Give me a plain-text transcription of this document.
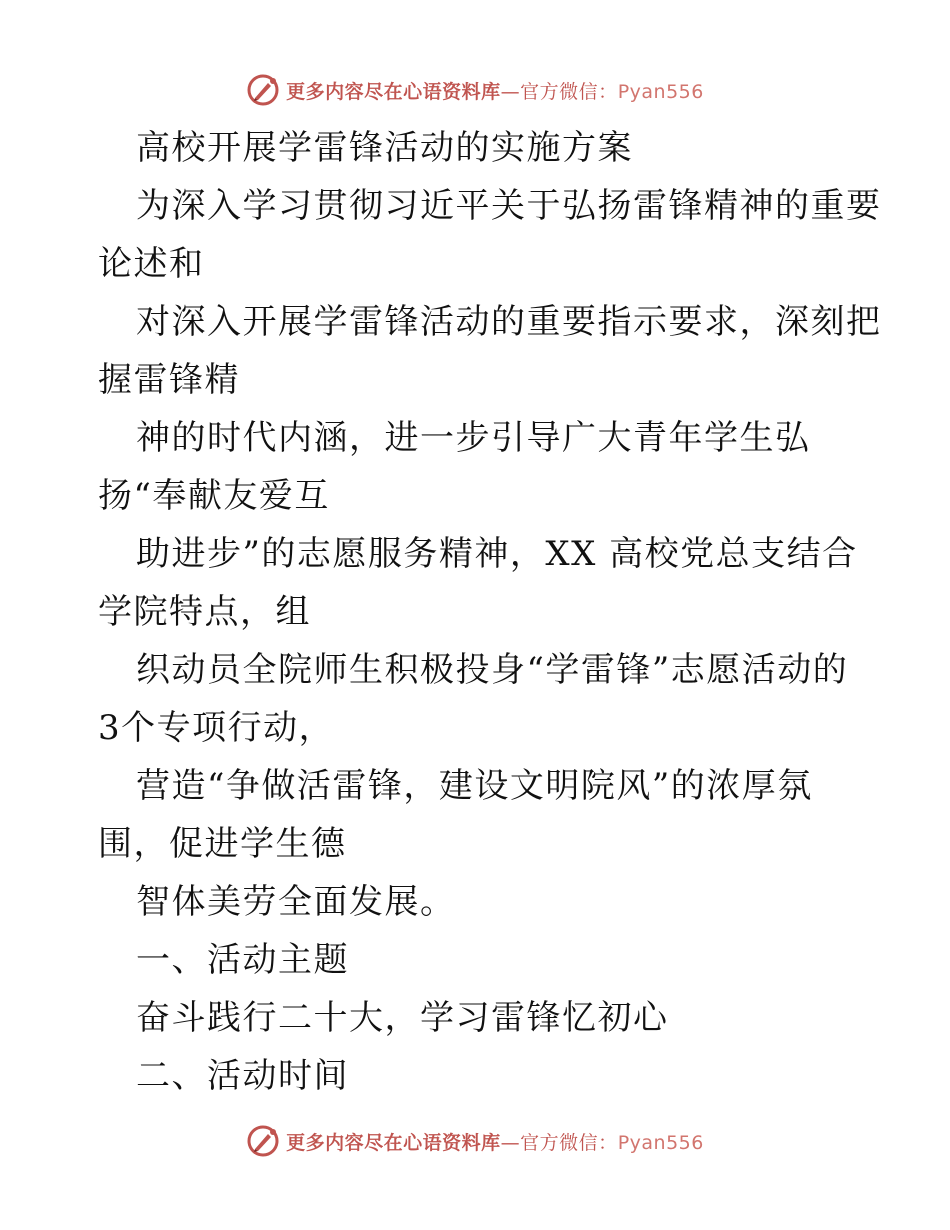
更多内容尽在心语资料库—官方微信：Pyan556
高校开展学雷锋活动的实施方案
为深入学习贯彻习近平关于弘扬雷锋精神的重要
论述和
对深入开展学雷锋活动的重要指示要求，深刻把
握雷锋精
神的时代内涵，进一步引导广大青年学生弘
扬“奉献友爱互
助进步”的志愿服务精神，XX 高校党总支结合
学院特点，组
织动员全院师生积极投身“学雷锋”志愿活动的
3个专项行动，
营造“争做活雷锋，建设文明院风”的浓厚氛
围，促进学生德
智体美劳全面发展。
一、活动主题
奋斗践行二十大，学习雷锋忆初心
二、活动时间
更多内容尽在心语资料库—官方微信：Pyan556
